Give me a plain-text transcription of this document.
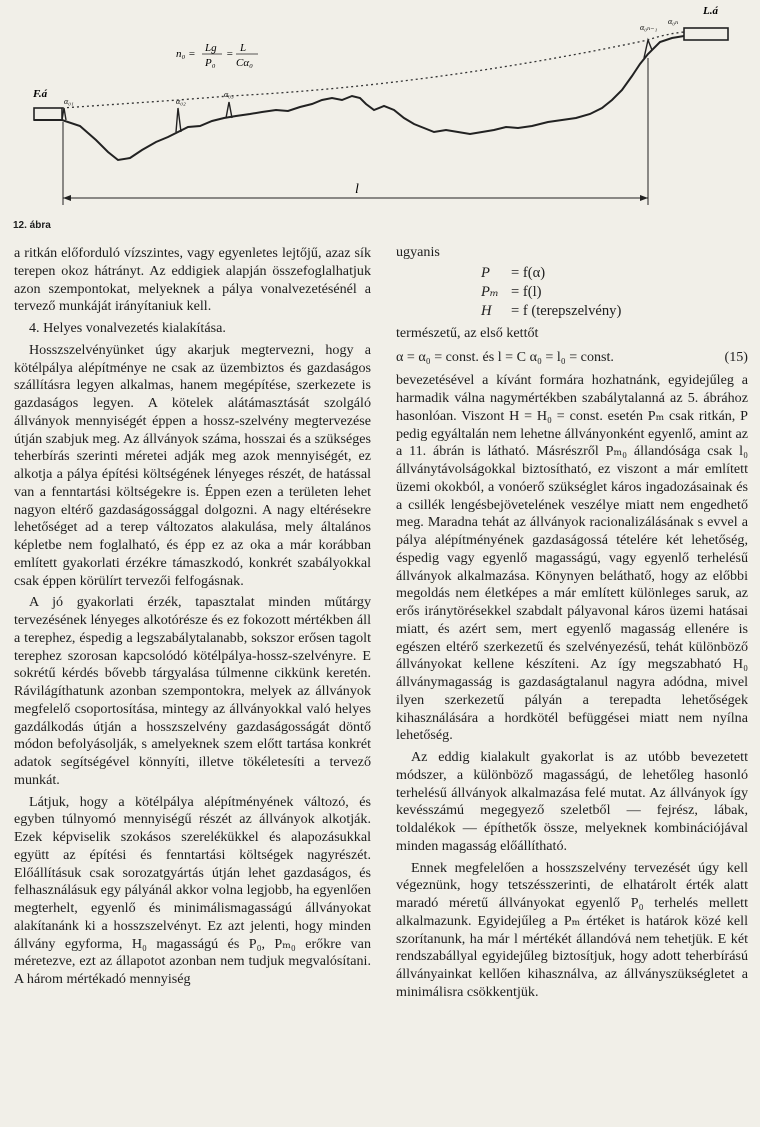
l
F.á
L.á
α₀₁	α₀₂
α₀₃
α₀ₙ₋₁
α₀ₙ
n₀ = Lg
P₀
= L
Cα₀
12. ábra

a ritkán előforduló vízszintes, vagy egyenletes lejtőjű, azaz sík terepen okoz hátrányt. Az eddigiek alapján összefoglalhatjuk azon szempontokat, melyeknek a pálya vonalvezetésénél a tervező munkáját irányítaniuk kell.

4. Helyes vonalvezetés kialakítása.

Hosszszelvényünket úgy akarjuk megtervezni, hogy a kötélpálya alépítménye ne csak az üzembiztos és gazdaságos szállításra legyen alkalmas, hanem megépítése, szerkezete is gazdaságos legyen. A kötelek alátámasztását szolgáló állványok mennyiségét éppen a hossz-szelvény megtervezése útján szabjuk meg. Az állványok száma, hosszai és a szükséges teherbírás szerinti méretei adják meg azok mennyiségét, ez alkotja a pálya építési költségének lényeges részét, de hatással van a fenntartási költségekre is. Éppen ezen a területen lehet nagyon eltérő gazdaságossággal dolgozni. A nagy eltérésekre lehetőséget ad a terep változatos alakulása, mely általános képletbe nem foglalható, és épp ez az oka a már korábban említett gyakorlati érzékre támaszkodó, konkrét szabályokkal csak éppen körülírt tervezői felfogásnak.

A jó gyakorlati érzék, tapasztalat minden műtárgy tervezésének lényeges alkotórésze és ez fokozott mértékben áll a terephez, éspedig a legszabálytalanabb, sokszor erősen tagolt terephez szorosan kapcsolódó kötélpálya-hossz-szelvényre. E sokrétű kérdés bővebb tárgyalása túlmenne cikkünk keretén. Rávilágíthatunk azonban szempontokra, melyek az állványok megfelelő csoportosítása, mintegy az állványokkal való helyes gazdálkodás útján a hosszszelvény gazdaságosságát döntő módon befolyásolják, s amelyeknek szem előtt tartása konkrét adatok segítségével könnyíti, illetve tökéletesíti a tervező munkát.

Látjuk, hogy a kötélpálya alépítményének változó, és egyben túlnyomó mennyiségű részét az állványok alkotják. Ezek képviselik szokásos szerelékükkel és alapozásukkal együtt az építési és fenntartási költségek nagyrészét. Előállításuk csak sorozatgyártás útján lehet gazdaságos, és felhasználásuk egy pályánál akkor volna legjobb, ha egyenlően megterhelt, egyenlő és minimálismagasságú állványokat alakítanánk ki a hosszszelvényt. Ez azt jelenti, hogy minden állvány egyforma, H₀ magasságú és P₀, Pₘ₀ erőkre van méretezve, ezt az állapotot azonban nem tudjuk megvalósítani. A három mértékadó mennyiség

ugyanis

P = f(α)

Pₘ = f(l)

H = f (terepszelvény)

természetű, az első kettőt

α = α₀ = const. és l = C α₀ = l₀ = const.	(15)

bevezetésével a kívánt formára hozhatnánk, egyidejűleg a harmadik válna nagymértékben szabálytalanná az 5. ábrához hasonlóan. Viszont H = H₀ = const. esetén Pₘ csak ritkán, P pedig egyáltalán nem lehetne állványonként egyenlő, amint az a 11. ábrán is látható. Másrészről Pₘ₀ állandósága csak l₀ állványtávolságokkal biztosítható, ez viszont a már említett üzemi okokból, a vonóerő szükséglet káros ingadozásainak és a csillék lengésbejövetelének veszélye miatt nem engedhető meg. Maradna tehát az állványok racionalizálásának s evvel a pálya alépítményének gazdaságossá tételére két lehetőség, éspedig vagy egyenlő magasságú, vagy egyenlő terhelésű állványok alkalmazása. Könynyen beláthatő, hogy az előbbi megoldás nem életképes a már említett különleges saruk, az erős iránytörésekkel szabdalt pályavonal káros üzemi hatásai miatt, és azért sem, mert egyenlő magasság ellenére is egészen eltérő szerkezetű és szelvényezésű, tehát különböző állványokat kellene készíteni. Az így megszabható H₀ állványmagasság is gazdaságtalanul nagyra adódna, mivel ilyen szerkezetű pályán a terepadta lehetőségek kihasználására a hordkötél befüggései miatt nem nyílna lehetőség.

Az eddig kialakult gyakorlat is az utóbb bevezetett módszer, a különböző magasságú, de lehetőleg hasonló terhelésű állványok alkalmazása felé mutat. Az állványok így kevésszámú megegyező szeletből — fejrész, lábak, toldalékok — építhetők össze, melyeknek kombinációjával minden magasság előállítható.

Ennek megfelelően a hosszszelvény tervezését úgy kell végeznünk, hogy tetszésszerinti, de elhatárolt érték alatt maradó méretű állványokat egyenlő P₀ terhelés mellett alkalmazunk. Egyidejűleg a Pₘ értéket is határok közé kell szorítanunk, ha már l mértékét állandóvá nem tehetjük. E két rendszabállyal egyidejűleg biztosítjuk, hogy adott teherbírású állványainkat kellően kihasználva, az állványszükségletet a minimálisra csökkentjük.
